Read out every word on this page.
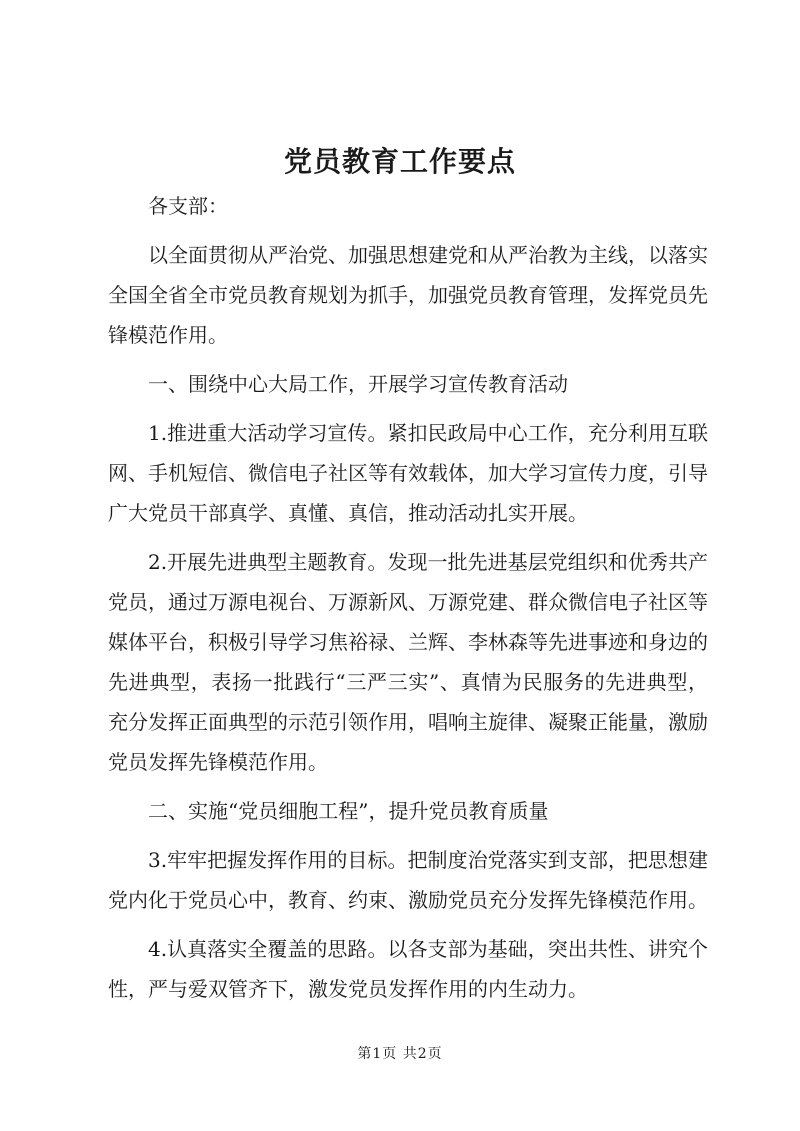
党员教育工作要点

各支部：

以全面贯彻从严治党、加强思想建党和从严治教为主线，以落实全国全省全市党员教育规划为抓手，加强党员教育管理，发挥党员先锋模范作用。

一、围绕中心大局工作，开展学习宣传教育活动

1.推进重大活动学习宣传。紧扣民政局中心工作，充分利用互联网、手机短信、微信电子社区等有效载体，加大学习宣传力度，引导广大党员干部真学、真懂、真信，推动活动扎实开展。

2.开展先进典型主题教育。发现一批先进基层党组织和优秀共产党员，通过万源电视台、万源新风、万源党建、群众微信电子社区等媒体平台，积极引导学习焦裕禄、兰辉、李林森等先进事迹和身边的先进典型，表扬一批践行“三严三实”、真情为民服务的先进典型，充分发挥正面典型的示范引领作用，唱响主旋律、凝聚正能量，激励党员发挥先锋模范作用。

二、实施“党员细胞工程”，提升党员教育质量

3.牢牢把握发挥作用的目标。把制度治党落实到支部，把思想建党内化于党员心中，教育、约束、激励党员充分发挥先锋模范作用。

4.认真落实全覆盖的思路。以各支部为基础，突出共性、讲究个性，严与爱双管齐下，激发党员发挥作用的内生动力。

第1页 共2页
